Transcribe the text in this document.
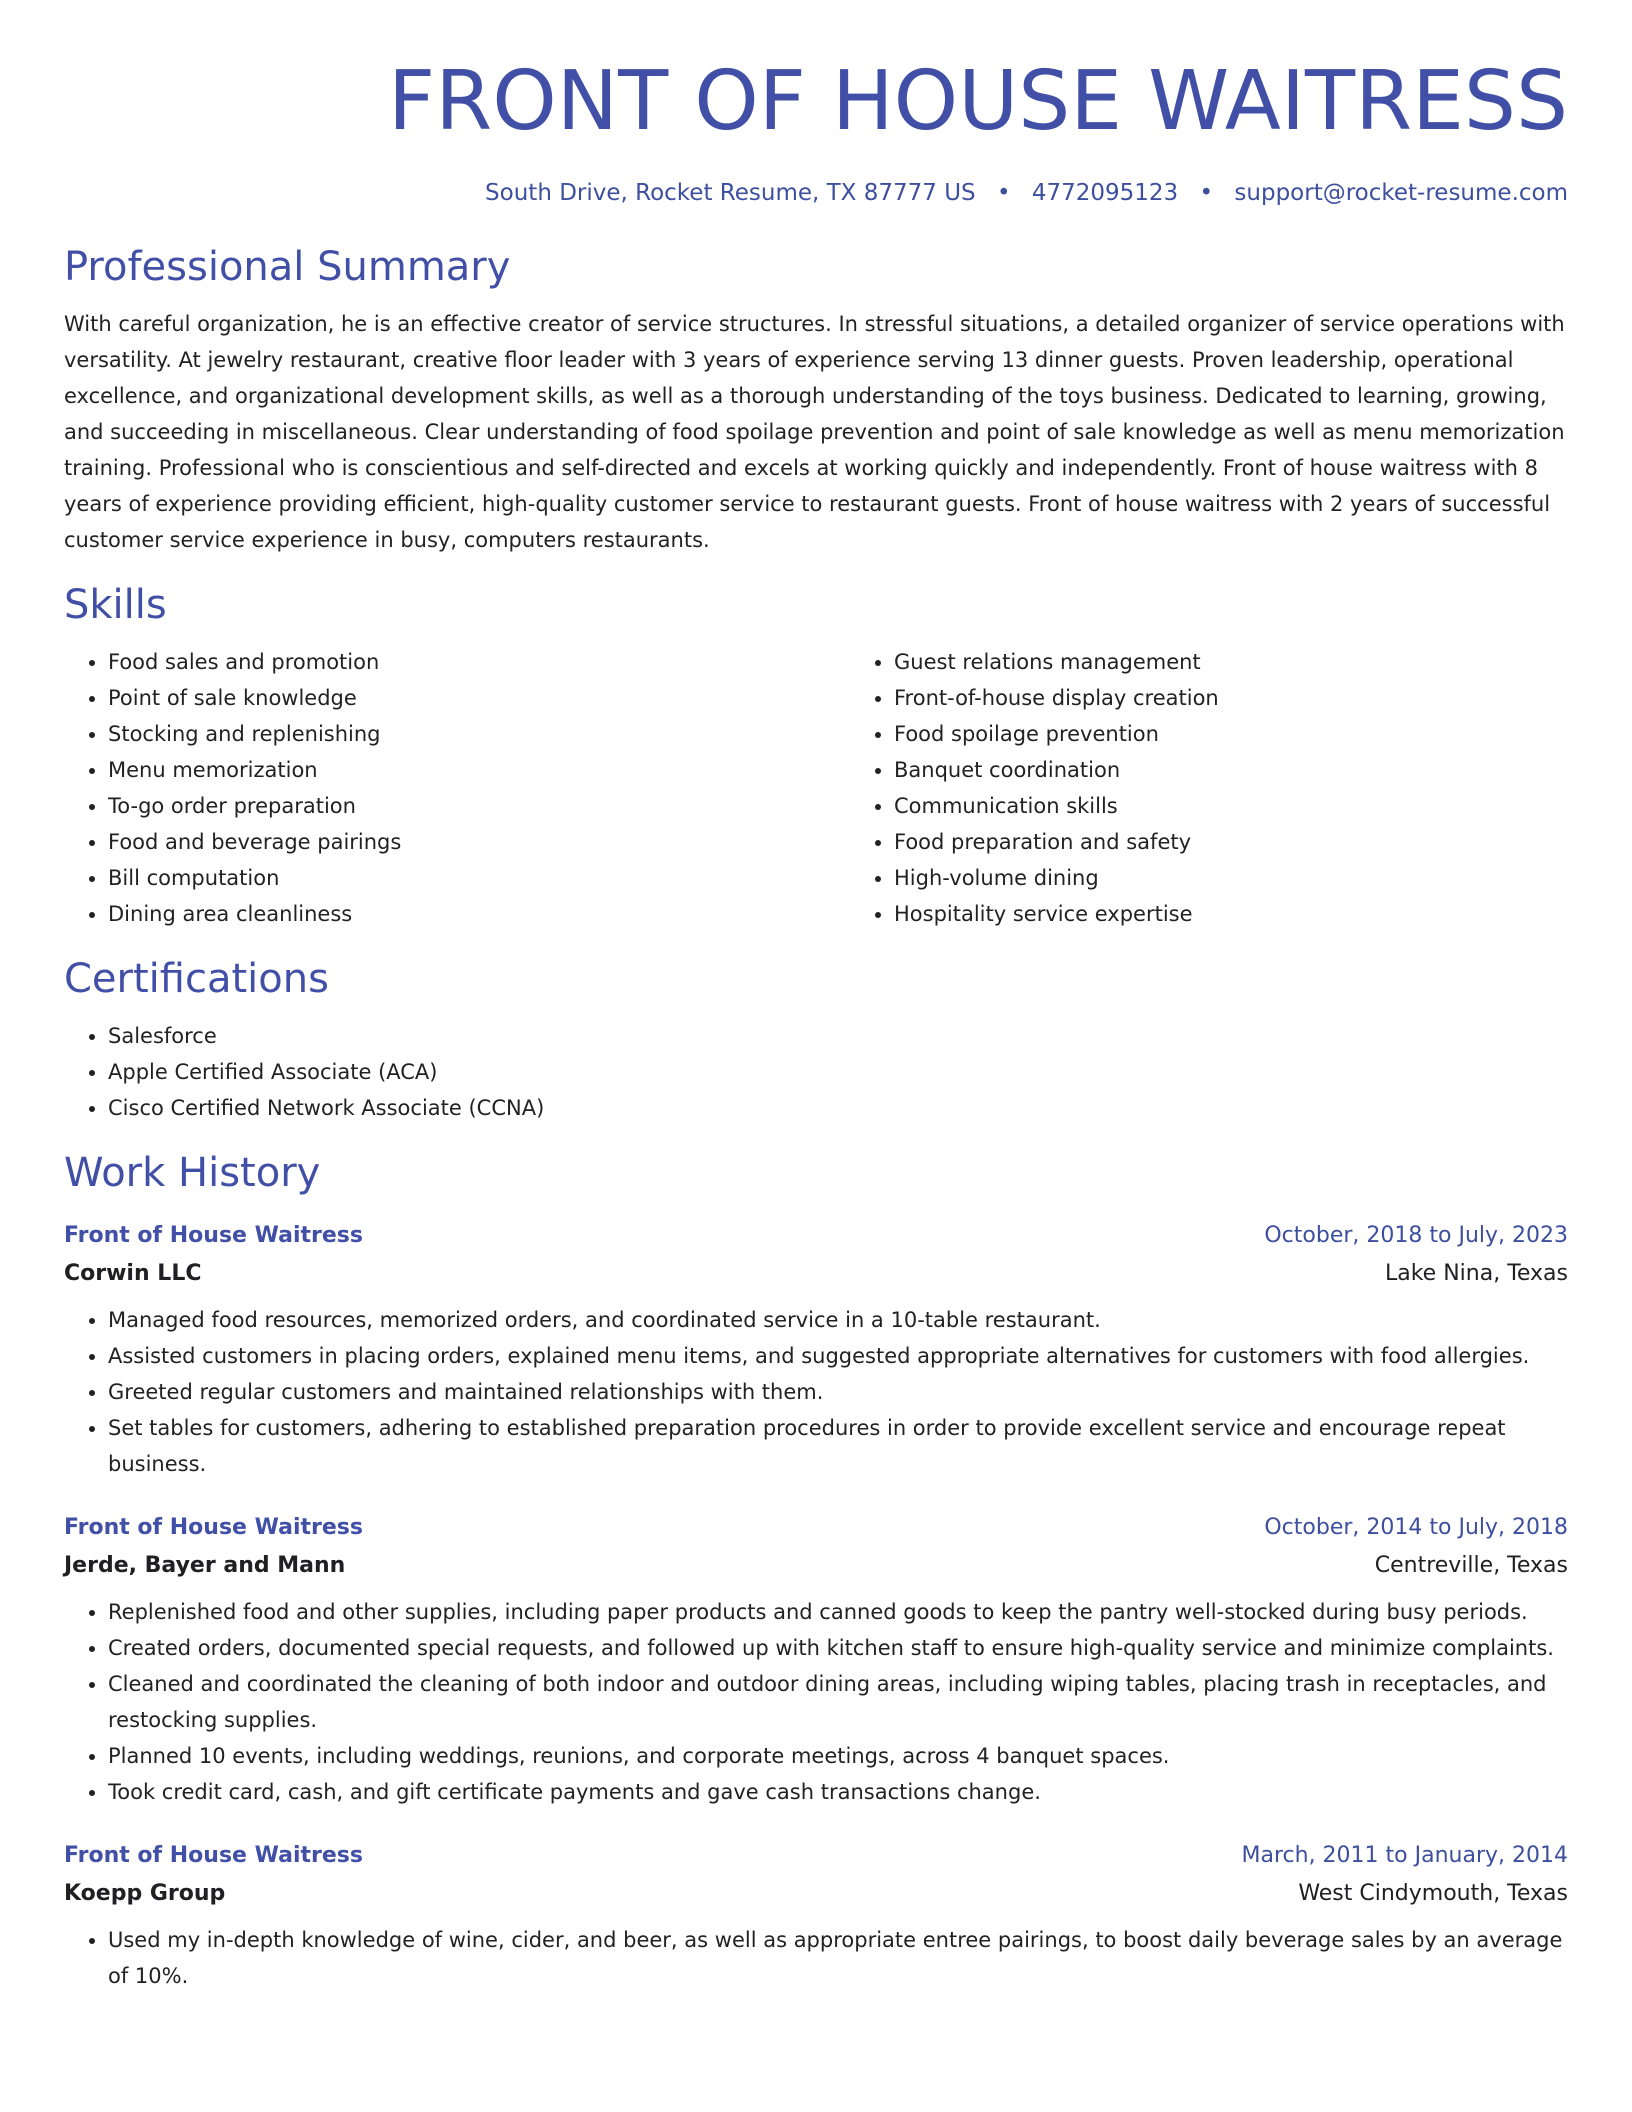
FRONT OF HOUSE WAITRESS
South Drive, Rocket Resume, TX 87777 US • 4772095123 • support@rocket-resume.com
Professional Summary

With careful organization, he is an effective creator of service structures. In stressful situations, a detailed organizer of service operations with versatility. At jewelry restaurant, creative floor leader with 3 years of experience serving 13 dinner guests. Proven leadership, operational excellence, and organizational development skills, as well as a thorough understanding of the toys business. Dedicated to learning, growing, and succeeding in miscellaneous. Clear understanding of food spoilage prevention and point of sale knowledge as well as menu memorization training. Professional who is conscientious and self-directed and excels at working quickly and independently. Front of house waitress with 8 years of experience providing efficient, high-quality customer service to restaurant guests. Front of house waitress with 2 years of successful customer service experience in busy, computers restaurants.

Skills
• Food sales and promotion
• Point of sale knowledge
• Stocking and replenishing
• Menu memorization
• To-go order preparation
• Food and beverage pairings
• Bill computation
• Dining area cleanliness
• Guest relations management
• Front-of-house display creation
• Food spoilage prevention
• Banquet coordination
• Communication skills
• Food preparation and safety
• High-volume dining
• Hospitality service expertise
Certifications
• Salesforce
• Apple Certified Associate (ACA)
• Cisco Certified Network Associate (CCNA)
Work History
Front of House Waitress	October, 2018 to July, 2023
Corwin LLC	Lake Nina, Texas
• Managed food resources, memorized orders, and coordinated service in a 10-table restaurant.
• Assisted customers in placing orders, explained menu items, and suggested appropriate alternatives for customers with food allergies.
• Greeted regular customers and maintained relationships with them.
• Set tables for customers, adhering to established preparation procedures in order to provide excellent service and encourage repeat business.
Front of House Waitress	October, 2014 to July, 2018
Jerde, Bayer and Mann	Centreville, Texas
• Replenished food and other supplies, including paper products and canned goods to keep the pantry well-stocked during busy periods.
• Created orders, documented special requests, and followed up with kitchen staff to ensure high-quality service and minimize complaints.
• Cleaned and coordinated the cleaning of both indoor and outdoor dining areas, including wiping tables, placing trash in receptacles, and restocking supplies.
• Planned 10 events, including weddings, reunions, and corporate meetings, across 4 banquet spaces.
• Took credit card, cash, and gift certificate payments and gave cash transactions change.
Front of House Waitress	March, 2011 to January, 2014
Koepp Group	West Cindymouth, Texas
• Used my in-depth knowledge of wine, cider, and beer, as well as appropriate entree pairings, to boost daily beverage sales by an average of 10%.
